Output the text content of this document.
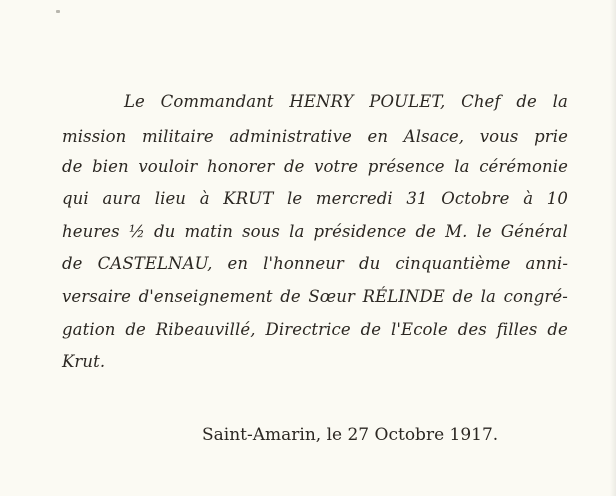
Le Commandant HENRY POULET, Chef de la
mission militaire administrative en Alsace, vous prie
de bien vouloir honorer de votre présence la cérémonie
qui aura lieu à KRUT le mercredi 31 Octobre à 10
heures ½ du matin sous la présidence de M. le Général
de CASTELNAU, en l'honneur du cinquantième anni-
versaire d'enseignement de Sœur RÉLINDE de la congré-
gation de Ribeauvillé, Directrice de l'Ecole des filles de
Krut.
Saint-Amarin, le 27 Octobre 1917.
